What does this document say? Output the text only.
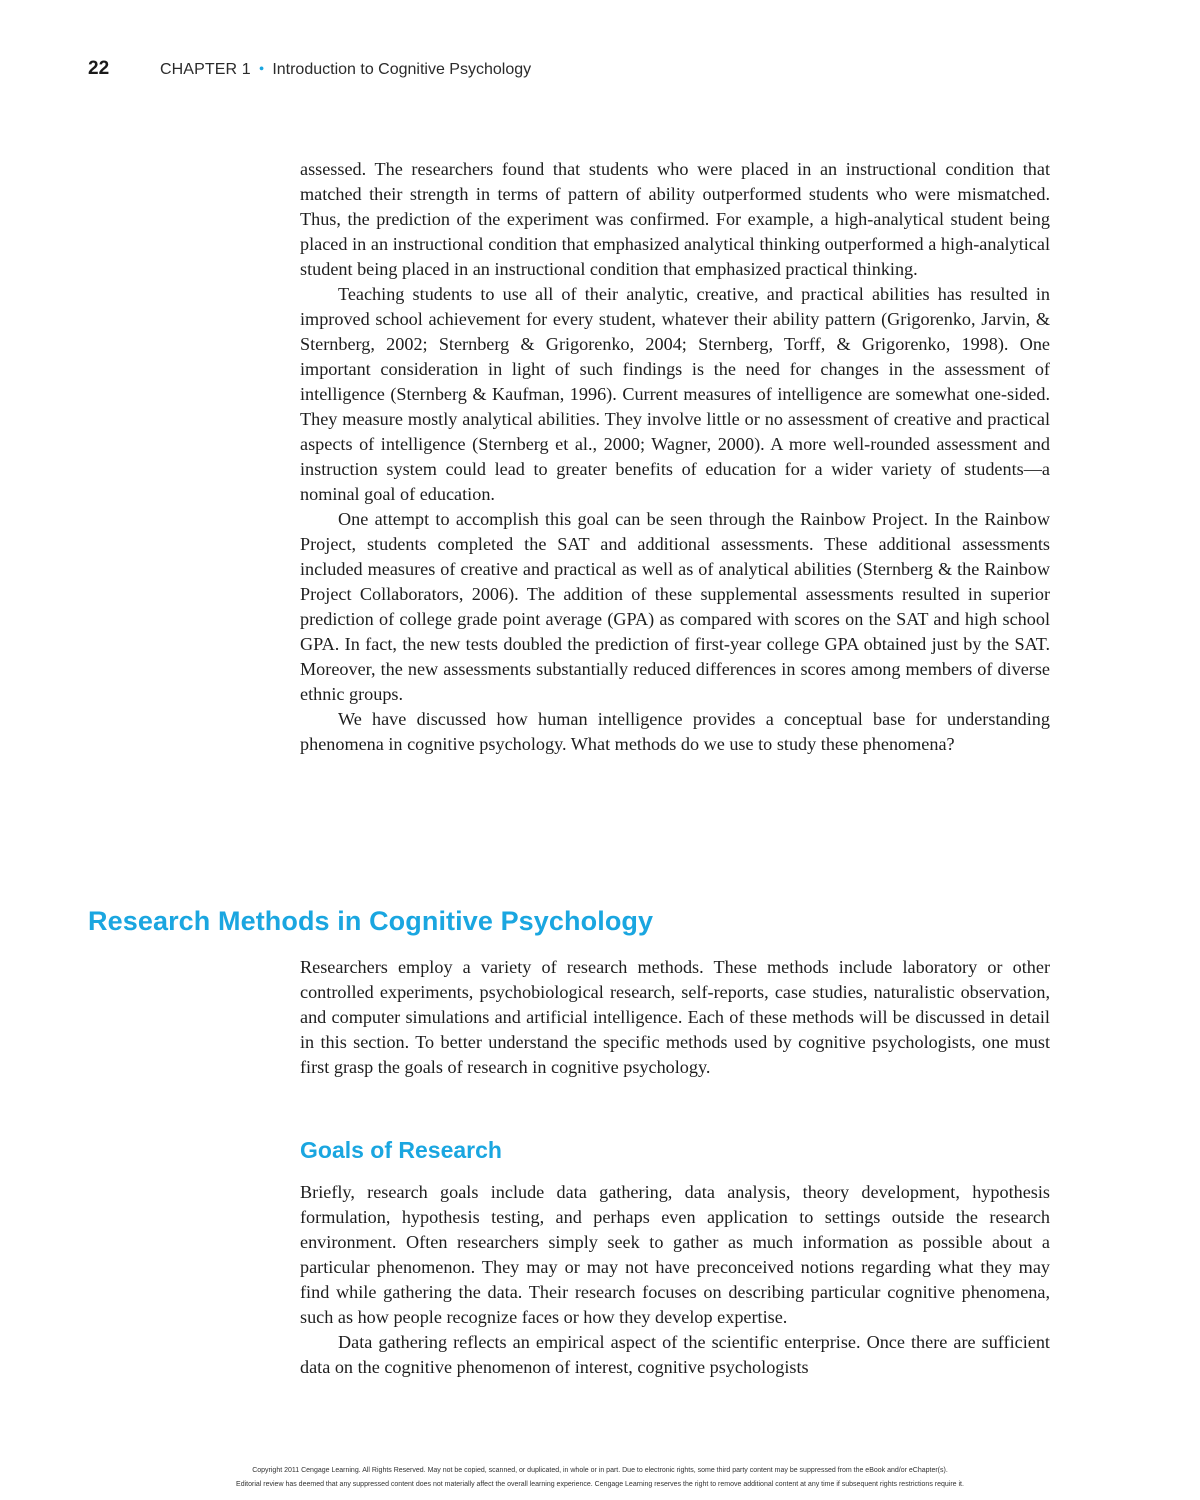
22	CHAPTER 1 • Introduction to Cognitive Psychology

assessed. The researchers found that students who were placed in an instructional condition that matched their strength in terms of pattern of ability outperformed students who were mismatched. Thus, the prediction of the experiment was confirmed. For example, a high-analytical student being placed in an instructional condition that emphasized analytical thinking outperformed a high-analytical student being placed in an instructional condition that emphasized practical thinking.

Teaching students to use all of their analytic, creative, and practical abilities has resulted in improved school achievement for every student, whatever their ability pattern (Grigorenko, Jarvin, & Sternberg, 2002; Sternberg & Grigorenko, 2004; Sternberg, Torff, & Grigorenko, 1998). One important consideration in light of such findings is the need for changes in the assessment of intelligence (Sternberg & Kaufman, 1996). Current measures of intelligence are somewhat one-sided. They measure mostly analytical abilities. They involve little or no assessment of creative and practical aspects of intelligence (Sternberg et al., 2000; Wagner, 2000). A more well-rounded assessment and instruction system could lead to greater benefits of education for a wider variety of students—a nominal goal of education.

One attempt to accomplish this goal can be seen through the Rainbow Project. In the Rainbow Project, students completed the SAT and additional assessments. These additional assessments included measures of creative and practical as well as of analytical abilities (Sternberg & the Rainbow Project Collaborators, 2006). The addition of these supplemental assessments resulted in superior prediction of college grade point average (GPA) as compared with scores on the SAT and high school GPA. In fact, the new tests doubled the prediction of first-year college GPA obtained just by the SAT. Moreover, the new assessments substantially reduced differences in scores among members of diverse ethnic groups.

We have discussed how human intelligence provides a conceptual base for understanding phenomena in cognitive psychology. What methods do we use to study these phenomena?

Research Methods in Cognitive Psychology

Researchers employ a variety of research methods. These methods include laboratory or other controlled experiments, psychobiological research, self-reports, case studies, naturalistic observation, and computer simulations and artificial intelligence. Each of these methods will be discussed in detail in this section. To better understand the specific methods used by cognitive psychologists, one must first grasp the goals of research in cognitive psychology.

Goals of Research

Briefly, research goals include data gathering, data analysis, theory development, hypothesis formulation, hypothesis testing, and perhaps even application to settings outside the research environment. Often researchers simply seek to gather as much information as possible about a particular phenomenon. They may or may not have preconceived notions regarding what they may find while gathering the data. Their research focuses on describing particular cognitive phenomena, such as how people recognize faces or how they develop expertise.

Data gathering reflects an empirical aspect of the scientific enterprise. Once there are sufficient data on the cognitive phenomenon of interest, cognitive psychologists

Copyright 2011 Cengage Learning. All Rights Reserved. May not be copied, scanned, or duplicated, in whole or in part. Due to electronic rights, some third party content may be suppressed from the eBook and/or eChapter(s).
Editorial review has deemed that any suppressed content does not materially affect the overall learning experience. Cengage Learning reserves the right to remove additional content at any time if subsequent rights restrictions require it.
